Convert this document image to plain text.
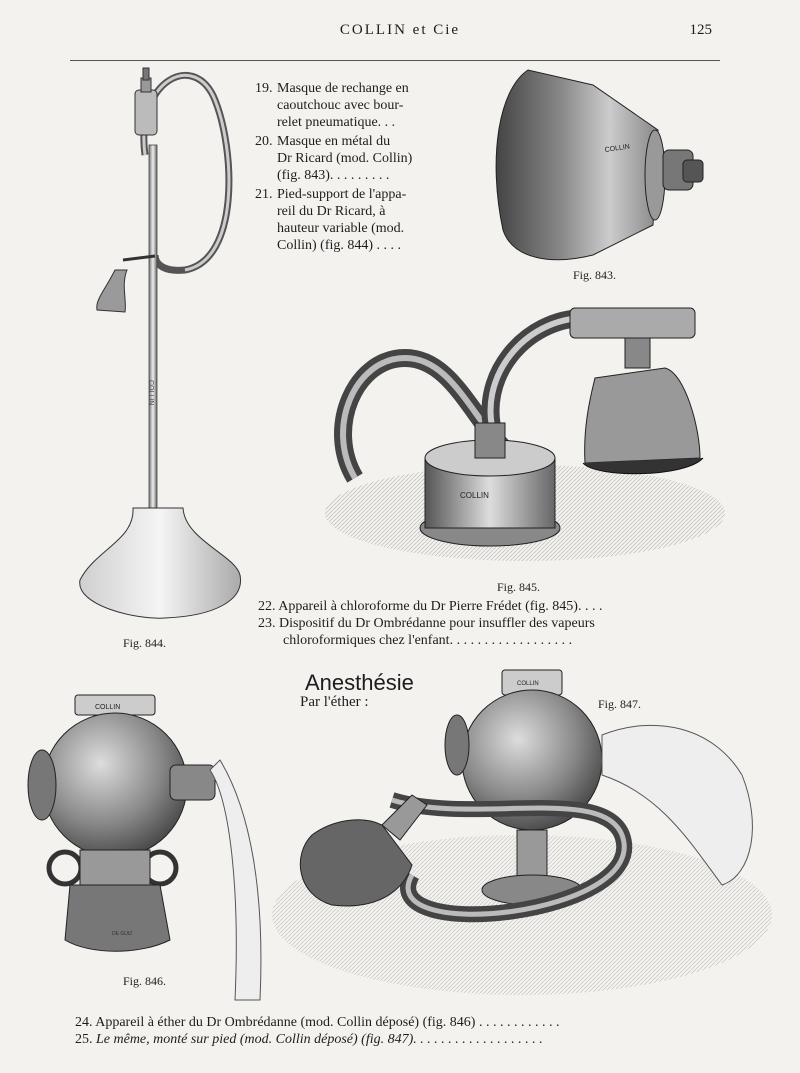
COLLIN et Cie	125
19. Masque de rechange en
caoutchouc avec bour-
relet pneumatique. . .
20. Masque en métal du
Dr Ricard (mod. Collin)
(fig. 843). . . . . . . . .
21. Pied-support de l'appa-
reil du Dr Ricard, à
hauteur variable (mod.
Collin) (fig. 844) . . . .
COLLIN
Fig. 844.
COLLIN
Fig. 843.
COLLIN
Fig. 845.
22. Appareil à chloroforme du Dr Pierre Frédet (fig. 845). . . .
23. Dispositif du Dr Ombrédanne pour insuffler des vapeurs
chloroformiques chez l'enfant. . . . . . . . . . . . . . . . . .
Anesthésie
Par l'éther :	Fig. 847.
COLLIN
DE GUIZ
Fig. 846.
COLLIN
24. Appareil à éther du Dr Ombrédanne (mod. Collin déposé) (fig. 846) . . . . . . . . . . . .
25. Le même, monté sur pied (mod. Collin déposé) (fig. 847). . . . . . . . . . . . . . . . . . .
